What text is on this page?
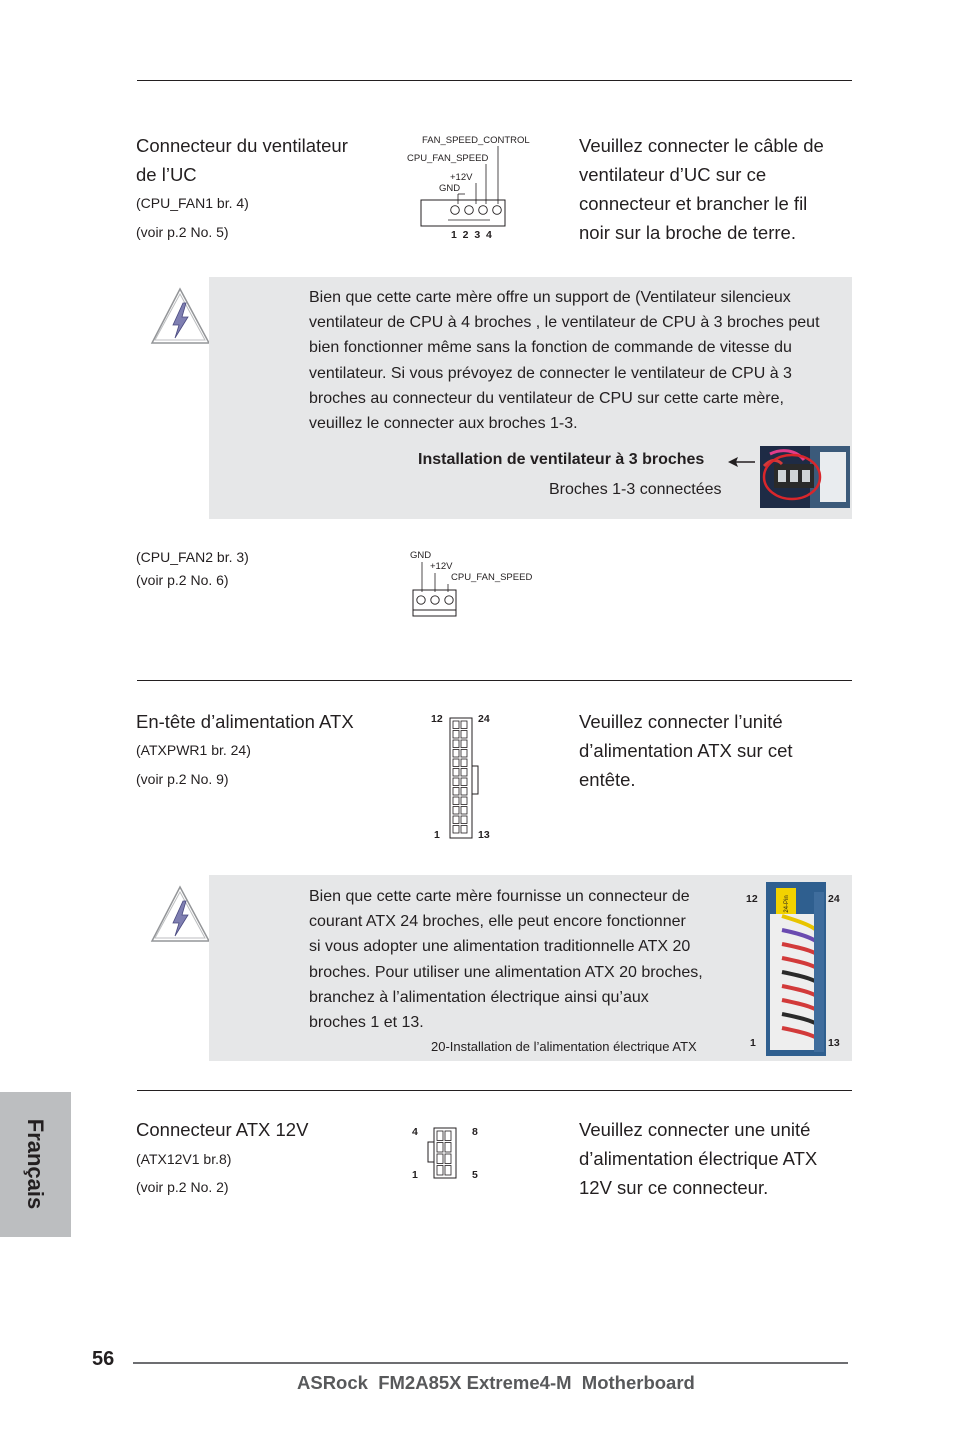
Connecteur du ventilateur
de l’UC
(CPU_FAN1 br. 4)
(voir p.2 No. 5)
FAN_SPEED_CONTROL
CPU_FAN_SPEED
+12V
GND
1  2  3  4
Veuillez connecter le câble de
ventilateur d’UC sur ce
connecteur et brancher le fil
noir sur la broche de terre.
Bien que cette carte mère offre un support de (Ventilateur silencieux
ventilateur de CPU à 4 broches , le ventilateur de CPU à 3 broches peut
bien fonctionner même sans la fonction de commande de vitesse du
ventilateur. Si vous prévoyez de connecter le ventilateur de CPU à 3
broches au connecteur du ventilateur de CPU sur cette carte mère,
veuillez le connecter aux broches 1-3.
Installation de ventilateur à 3 broches
Broches 1-3 connectées
(CPU_FAN2 br. 3)
(voir p.2 No. 6)
GND
+12V
CPU_FAN_SPEED
En-tête d’alimentation ATX
(ATXPWR1 br. 24)
(voir p.2 No. 9)
12	24
1	13
Veuillez connecter l’unité
d’alimentation ATX sur cet
entête.
Bien que cette carte mère fournisse un connecteur de
courant ATX 24 broches, elle peut encore fonctionner
si vous adopter une alimentation traditionnelle ATX 20
broches. Pour utiliser une alimentation ATX 20 broches,
branchez à l’alimentation électrique ainsi qu’aux
broches 1 et 13.
20-Installation de l’alimentation électrique ATX
24-Pin
12	24
1	13
Connecteur ATX 12V
(ATX12V1 br.8)
(voir p.2 No. 2)
4	8
1	5
Veuillez connecter une unité
d’alimentation électrique ATX
12V sur ce connecteur.
Français
56
ASRock  FM2A85X Extreme4-M  Motherboard
